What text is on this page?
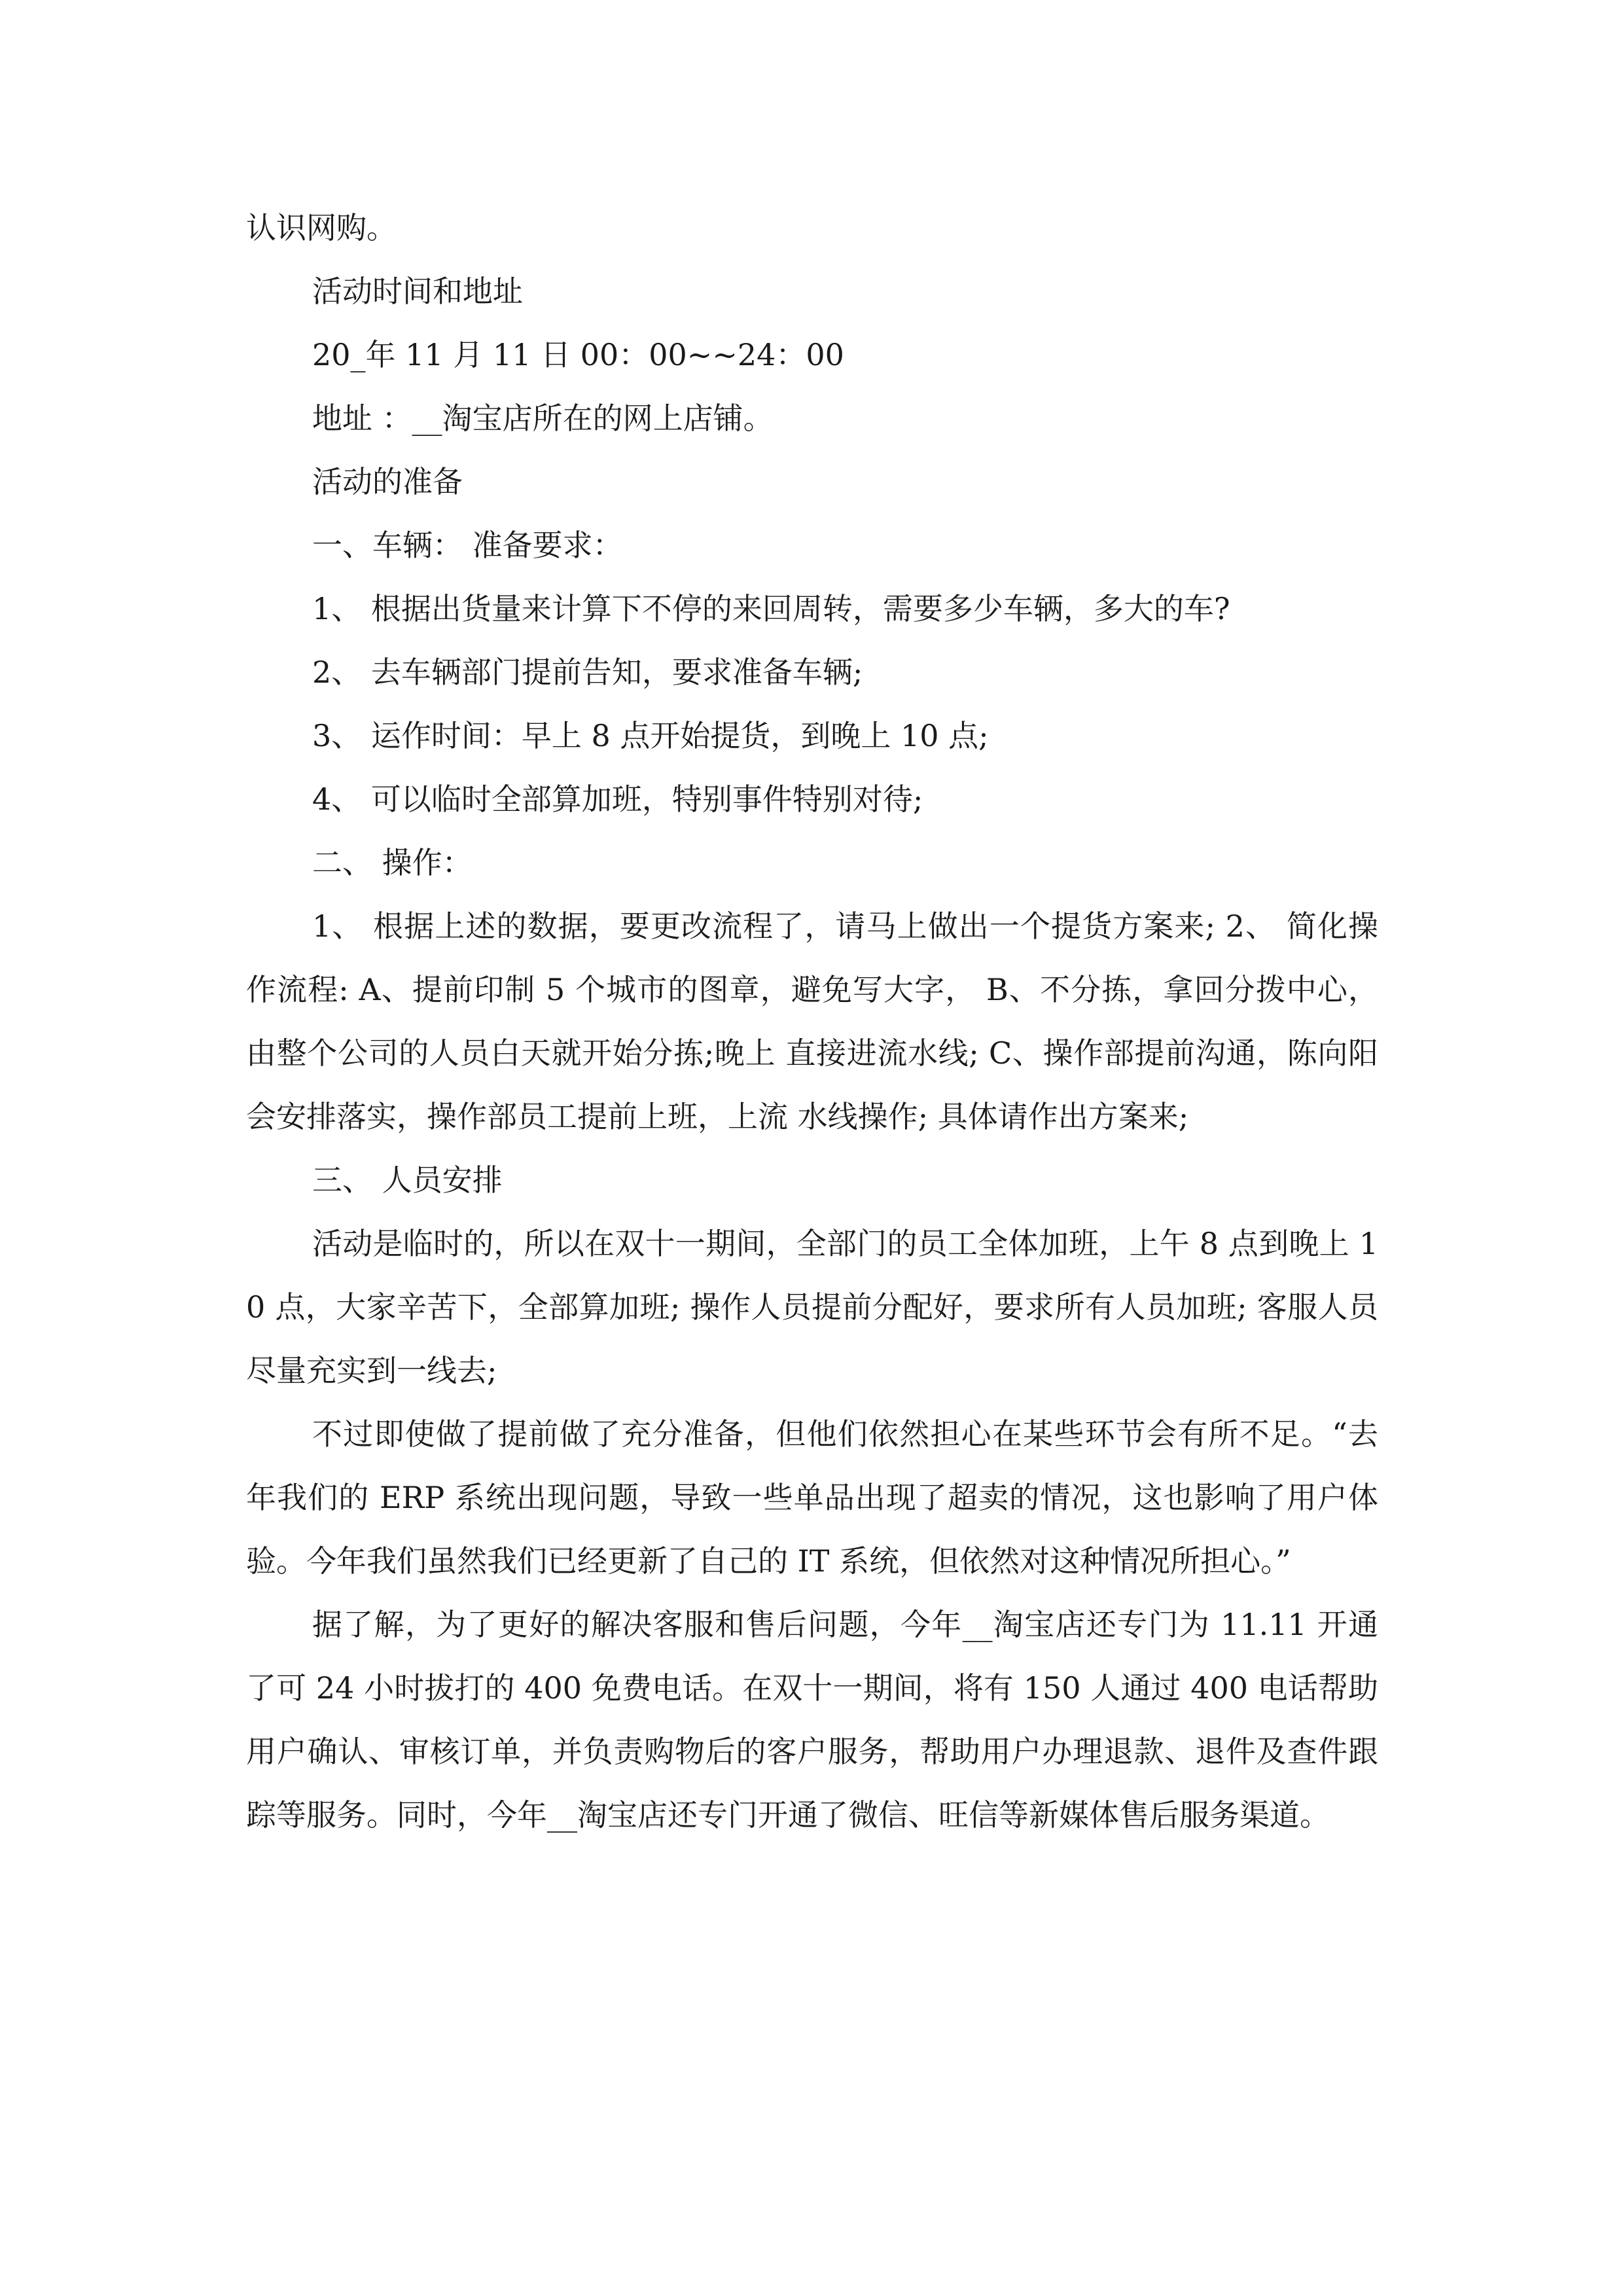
认识网购。

活动时间和地址

20_年 11 月 11 日 00：00~~24：00

地址 ：__淘宝店所在的网上店铺。

活动的准备

一、车辆： 准备要求：

1、 根据出货量来计算下不停的来回周转，需要多少车辆，多大的车?

2、 去车辆部门提前告知，要求准备车辆;

3、 运作时间：早上 8 点开始提货，到晚上 10 点;

4、 可以临时全部算加班，特别事件特别对待;

二、 操作：

1、 根据上述的数据，要更改流程了，请马上做出一个提货方案来; 2、 简化操作流程: A、提前印制 5 个城市的图章，避免写大字， B、不分拣，拿回分拨中心，由整个公司的人员白天就开始分拣;晚上 直接进流水线; C、操作部提前沟通，陈向阳会安排落实，操作部员工提前上班，上流 水线操作; 具体请作出方案来;

三、 人员安排

活动是临时的，所以在双十一期间，全部门的员工全体加班，上午 8 点到晚上 10 点，大家辛苦下，全部算加班; 操作人员提前分配好，要求所有人员加班; 客服人员尽量充实到一线去;

不过即使做了提前做了充分准备，但他们依然担心在某些环节会有所不足。“去年我们的 ERP 系统出现问题，导致一些单品出现了超卖的情况，这也影响了用户体验。今年我们虽然我们已经更新了自己的 IT 系统，但依然对这种情况所担心。”

据了解，为了更好的解决客服和售后问题，今年__淘宝店还专门为 11.11 开通了可 24 小时拔打的 400 免费电话。在双十一期间，将有 150 人通过 400 电话帮助用户确认、审核订单，并负责购物后的客户服务，帮助用户办理退款、退件及查件跟踪等服务。同时，今年__淘宝店还专门开通了微信、旺信等新媒体售后服务渠道。
